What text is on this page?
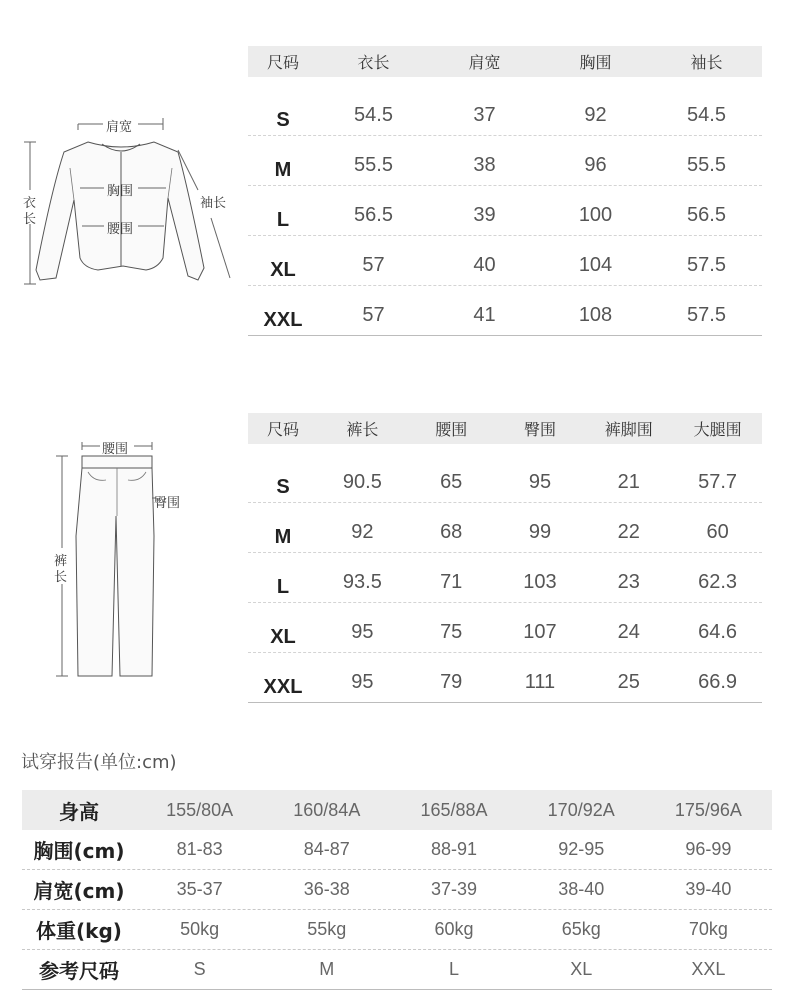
肩宽
胸围
腰围
袖长
衣
长
尺码	衣长	肩宽	胸围	袖长
S	54.5	37	92	54.5
M	55.5	38	96	55.5
L	56.5	39	100	56.5
XL	57	40	104	57.5
XXL	57	41	108	57.5
腰围
臀围
裤
长
尺码	裤长	腰围	臀围	裤脚围	大腿围
S	90.5	65	95	21	57.7
M	92	68	99	22	60
L	93.5	71	103	23	62.3
XL	95	75	107	24	64.6
XXL	95	79	111	25	66.9
试穿报告(单位:cm)
身高	155/80A	160/84A	165/88A	170/92A	175/96A
胸围(cm)	81-83	84-87	88-91	92-95	96-99
肩宽(cm)	35-37	36-38	37-39	38-40	39-40
体重(kg)	50kg	55kg	60kg	65kg	70kg
参考尺码	S	M	L	XL	XXL
